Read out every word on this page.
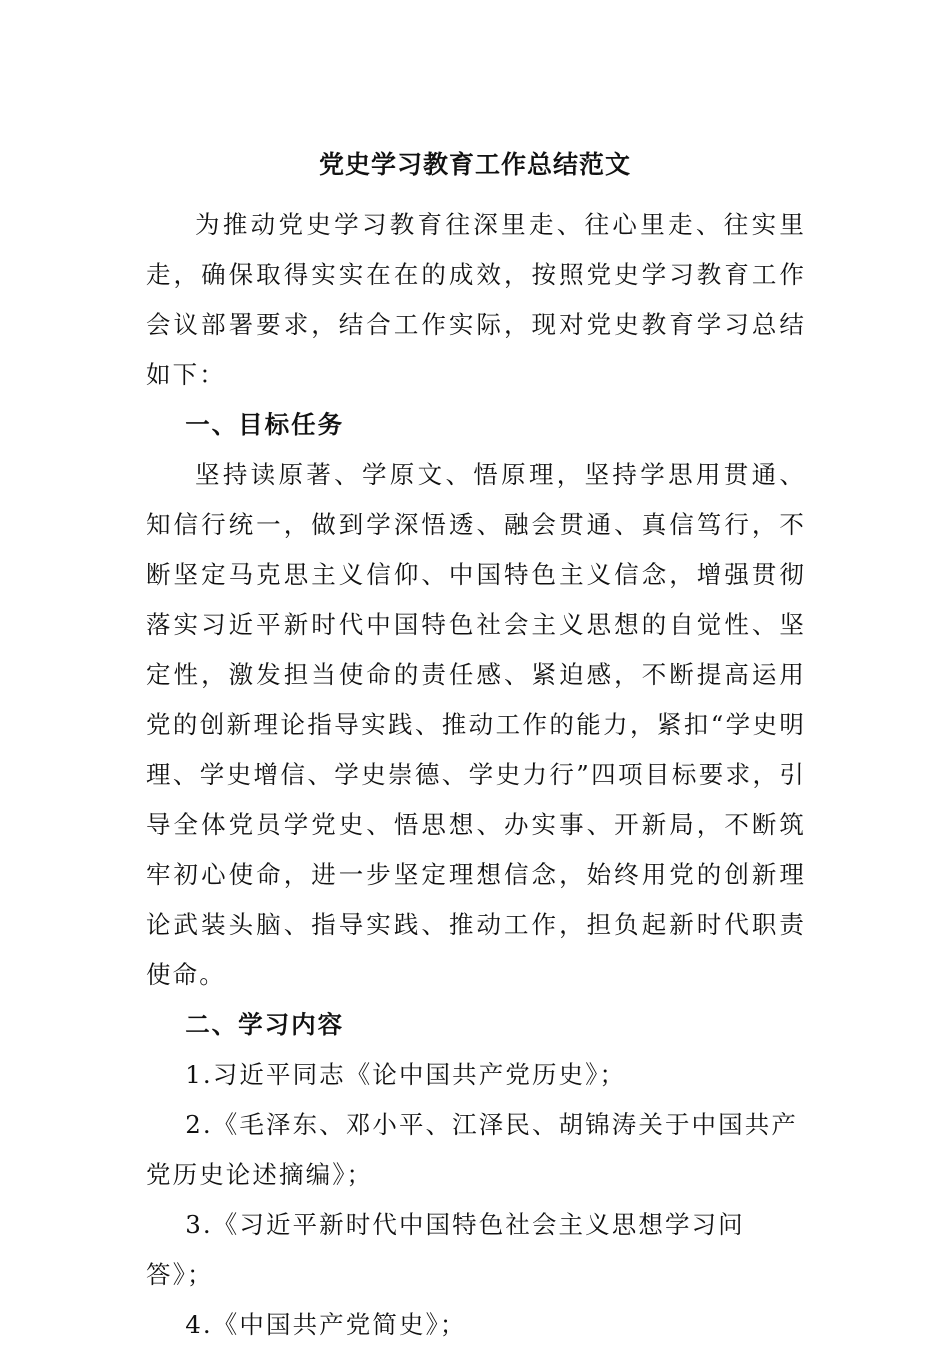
党史学习教育工作总结范文

为推动党史学习教育往深里走、往心里走、往实里走，确保取得实实在在的成效，按照党史学习教育工作会议部署要求，结合工作实际，现对党史教育学习总结如下：

一、目标任务

坚持读原著、学原文、悟原理，坚持学思用贯通、知信行统一，做到学深悟透、融会贯通、真信笃行，不断坚定马克思主义信仰、中国特色主义信念，增强贯彻落实习近平新时代中国特色社会主义思想的自觉性、坚定性，激发担当使命的责任感、紧迫感，不断提高运用党的创新理论指导实践、推动工作的能力，紧扣“学史明理、学史增信、学史崇德、学史力行”四项目标要求，引导全体党员学党史、悟思想、办实事、开新局，不断筑牢初心使命，进一步坚定理想信念，始终用党的创新理论武装头脑、指导实践、推动工作，担负起新时代职责使命。

二、学习内容

1.习近平同志《论中国共产党历史》；

2.《毛泽东、邓小平、江泽民、胡锦涛关于中国共产党历史论述摘编》；

3.《习近平新时代中国特色社会主义思想学习问答》；

4.《中国共产党简史》；
